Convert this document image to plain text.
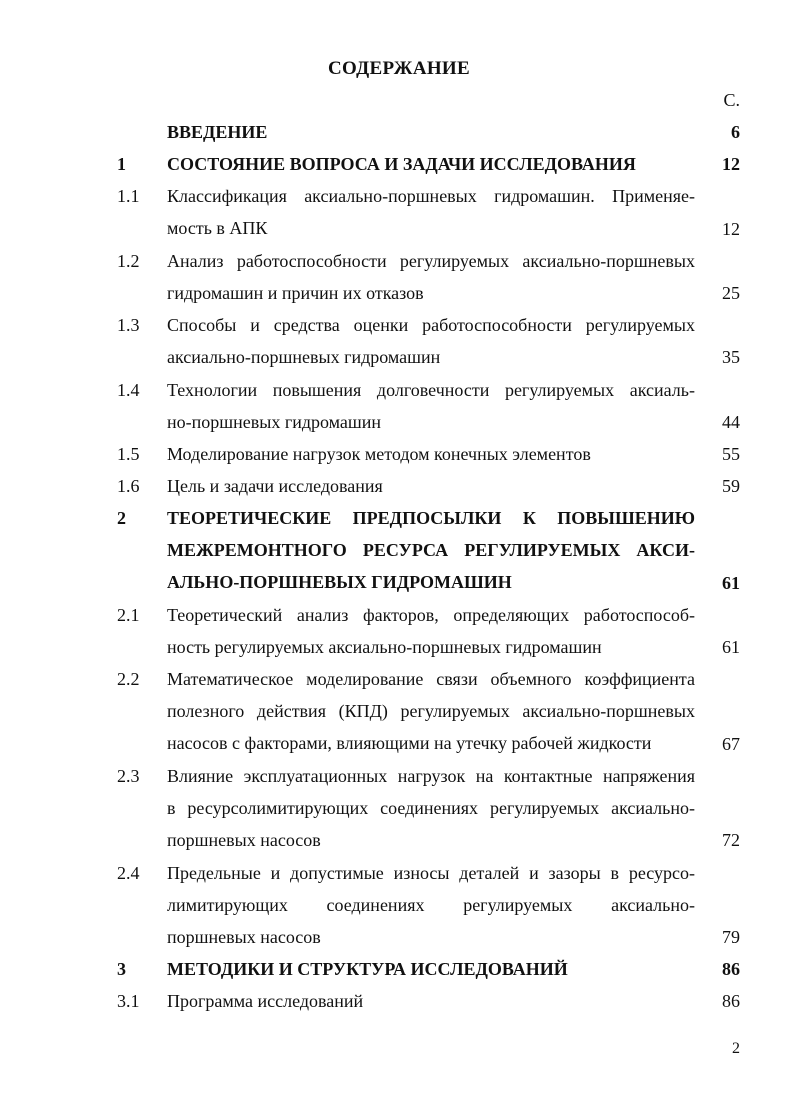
СОДЕРЖАНИЕ
С.
ВВЕДЕНИЕ	6
1	СОСТОЯНИЕ ВОПРОСА И ЗАДАЧИ ИССЛЕДОВАНИЯ	12
1.1	Классификация аксиально-поршневых гидромашин. Применяе-
мость в АПК	12
1.2	Анализ работоспособности регулируемых аксиально-поршневых
гидромашин и причин их отказов	25
1.3	Способы и средства оценки работоспособности регулируемых
аксиально-поршневых гидромашин	35
1.4	Технологии повышения долговечности регулируемых аксиаль-
но-поршневых гидромашин	44
1.5	Моделирование нагрузок методом конечных элементов	55
1.6	Цель и задачи исследования	59
2	ТЕОРЕТИЧЕСКИЕ ПРЕДПОСЫЛКИ К ПОВЫШЕНИЮ
МЕЖРЕМОНТНОГО РЕСУРСА РЕГУЛИРУЕМЫХ АКСИ-
АЛЬНО-ПОРШНЕВЫХ ГИДРОМАШИН	61
2.1	Теоретический анализ факторов, определяющих работоспособ-
ность регулируемых аксиально-поршневых гидромашин	61
2.2	Математическое моделирование связи объемного коэффициента
полезного действия (КПД) регулируемых аксиально-поршневых
насосов с факторами, влияющими на утечку рабочей жидкости	67
2.3	Влияние эксплуатационных нагрузок на контактные напряжения
в ресурсолимитирующих соединениях регулируемых аксиально-
поршневых насосов	72
2.4	Предельные и допустимые износы деталей и зазоры в ресурсо-
лимитирующих соединениях регулируемых аксиально-
поршневых насосов	79
3	МЕТОДИКИ И СТРУКТУРА ИССЛЕДОВАНИЙ	86
3.1	Программа исследований	86
2
